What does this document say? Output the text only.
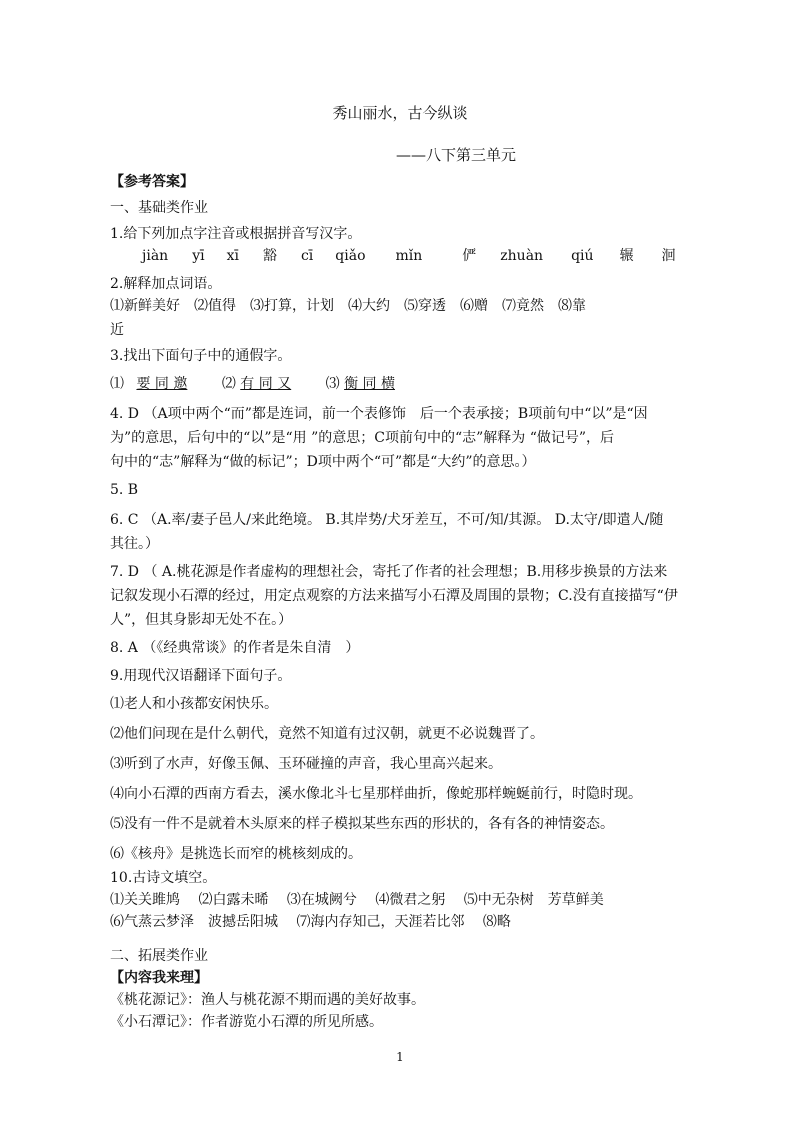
秀山丽水，古今纵谈
——八下第三单元
【参考答案】
一、基础类作业
1.给下列加点字注音或根据拼音写汉字。
jiàn yī xī 豁 cī qiǎo mǐn	俨 zhuàn qiú 辗 洄
2.解释加点词语。
⑴新鲜美好　⑵值得　⑶打算，计划　⑷大约　⑸穿透　⑹赠　⑺竟然　⑻靠
近
3.找出下面句子中的通假字。
⑴ 要 同 邀 ⑵ 有 同 又 ⑶ 衡 同 横
4. D （A项中两个“而”都是连词，前一个表修饰　后一个表承接；B项前句中“以”是“因
为”的意思，后句中的“以”是“用 ”的意思；C项前句中的“志”解释为 “做记号”，后
句中的“志”解释为“做的标记”；D项中两个“可”都是“大约”的意思。）
5. B
6. C （A.率/妻子邑人/来此绝境。 B.其岸势/犬牙差互，不可/知/其源。 D.太守/即遣人/随
其往。）
7. D （ A.桃花源是作者虚构的理想社会，寄托了作者的社会理想；B.用移步换景的方法来
记叙发现小石潭的经过，用定点观察的方法来描写小石潭及周围的景物；C.没有直接描写“伊
人”，但其身影却无处不在。）
8. A （《经典常谈》的作者是朱自清　）
9.用现代汉语翻译下面句子。
⑴老人和小孩都安闲快乐。
⑵他们问现在是什么朝代，竟然不知道有过汉朝，就更不必说魏晋了。
⑶听到了水声，好像玉佩、玉环碰撞的声音，我心里高兴起来。
⑷向小石潭的西南方看去，溪水像北斗七星那样曲折，像蛇那样蜿蜒前行，时隐时现。
⑸没有一件不是就着木头原来的样子模拟某些东西的形状的，各有各的神情姿态。
⑹《核舟》是挑选长而窄的桃核刻成的。
10.古诗文填空。
⑴关关雎鸠　 ⑵白露未晞　 ⑶在城阙兮　 ⑷微君之躬　 ⑸中无杂树　芳草鲜美
⑹气蒸云梦泽　波撼岳阳城　 ⑺海内存知己，天涯若比邻　 ⑻略
二、拓展类作业
【内容我来理】
《桃花源记》：渔人与桃花源不期而遇的美好故事。
《小石潭记》：作者游览小石潭的所见所感。
1
